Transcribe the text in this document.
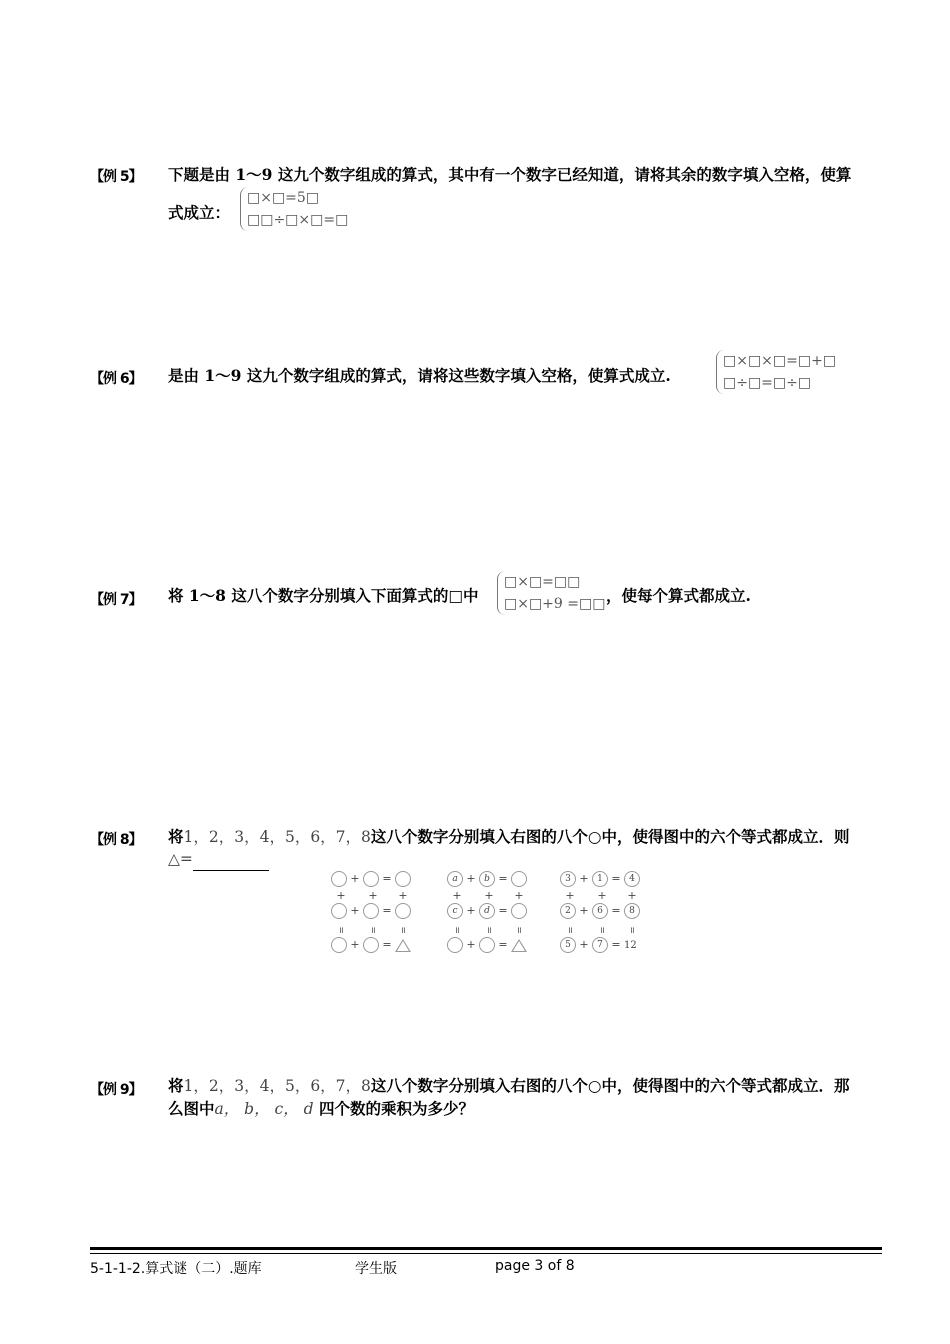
【例 5】 下题是由 1～9 这九个数字组成的算式，其中有一个数字已经知道，请将其余的数字填入空格，使算
式成立：
□×□=5□
□□÷□×□=□
【例 6】 是由 1～9 这九个数字组成的算式，请将这些数字填入空格，使算式成立.
□×□×□=□+□
□÷□=□÷□
【例 7】 将 1～8 这八个数字分别填入下面算式的□中
□×□=□□
□×□+9 =□□ ，使每个算式都成立.
【例 8】 将1，2，3，4，5，6，7，8这八个数字分别填入右图的八个○中，使得图中的六个等式都成立．则
△=
+ =
+ + +
+ =
॥	॥	॥
+ =
a + b =
+ + +
c + d =
॥	॥	॥
+ =
3 + 1 = 4
+ + +
2 + 6 = 8
॥	॥	॥
5 + 7 = 12
【例 9】 将1，2，3，4，5，6，7，8这八个数字分别填入右图的八个○中，使得图中的六个等式都成立．那
么图中a， b， c， d 四个数的乘积为多少？
5-1-1-2.算式谜（二）.题库	学生版	page 3 of 8
